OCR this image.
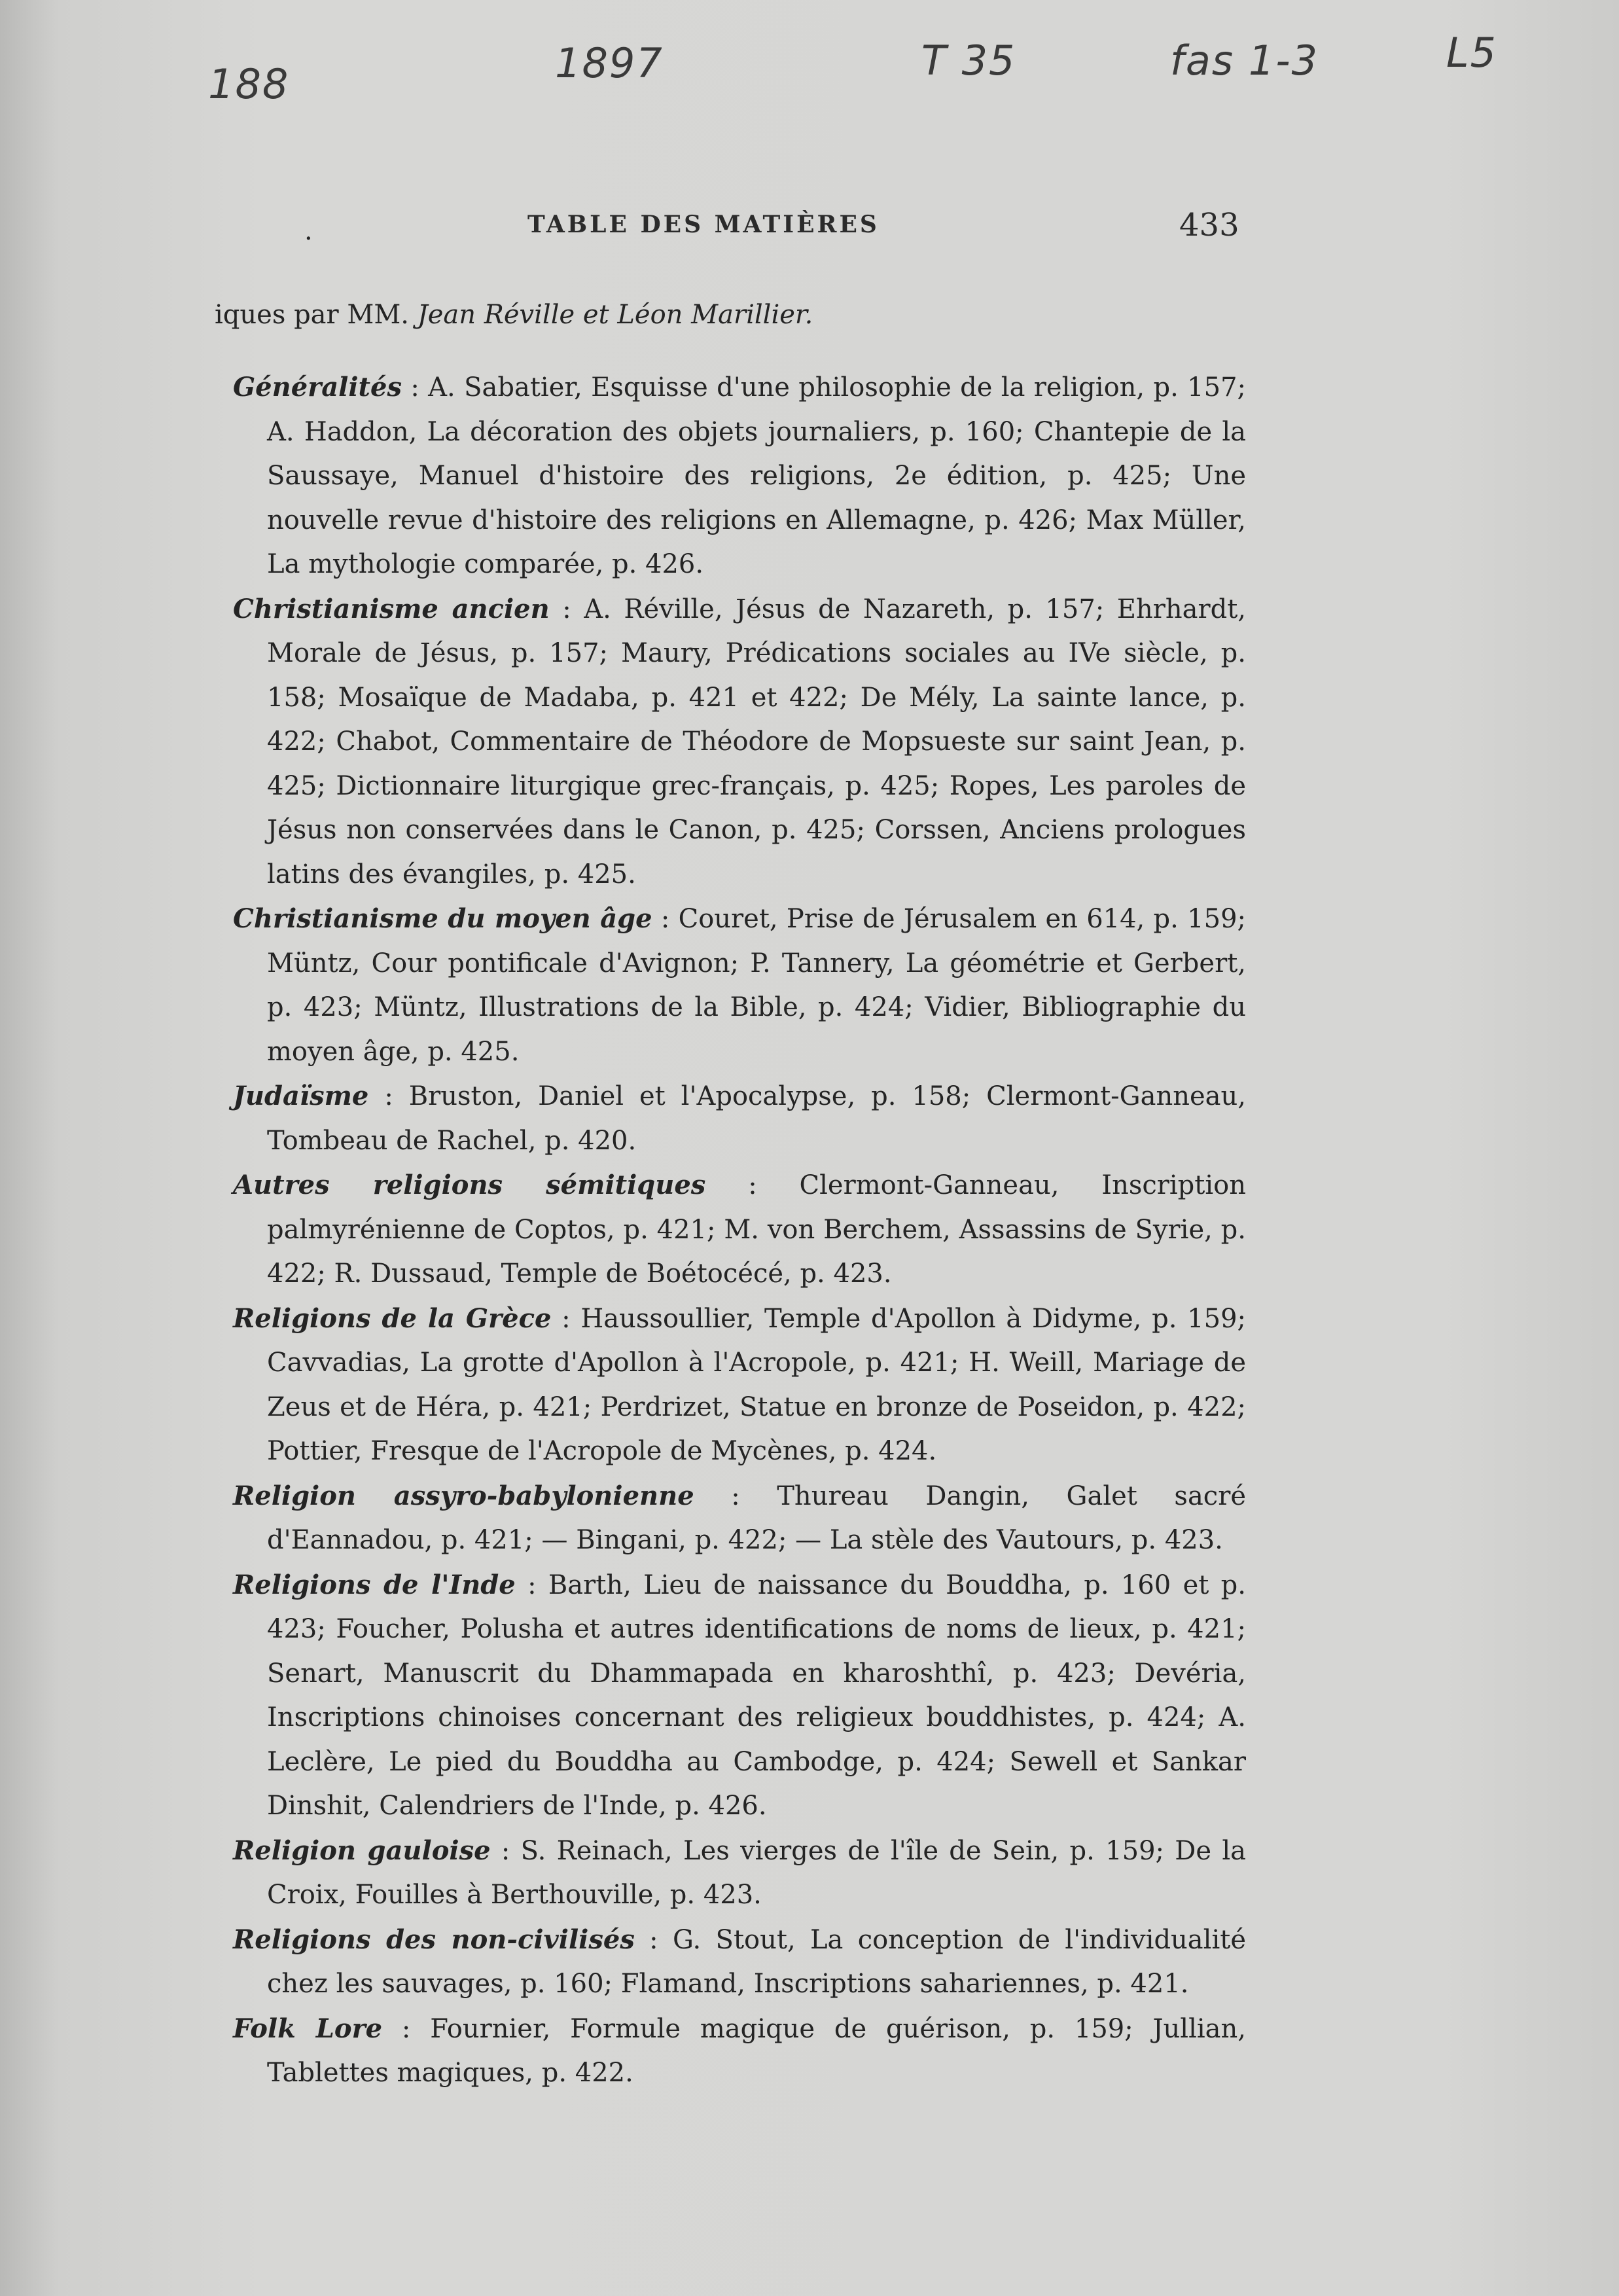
188	1897	T 35	fas 1-3	L5
.	TABLE DES MATIÈRES	433
iques par MM. Jean Réville et Léon Marillier.

Généralités : A. Sabatier, Esquisse d'une philosophie de la religion, p. 157; A. Haddon, La décoration des objets journaliers, p. 160; Chantepie de la Saussaye, Manuel d'histoire des religions, 2e édition, p. 425; Une nouvelle revue d'histoire des religions en Allemagne, p. 426; Max Müller, La mythologie comparée, p. 426.

Christianisme ancien : A. Réville, Jésus de Nazareth, p. 157; Ehrhardt, Morale de Jésus, p. 157; Maury, Prédications sociales au IVe siècle, p. 158; Mosaïque de Madaba, p. 421 et 422; De Mély, La sainte lance, p. 422; Chabot, Commentaire de Théodore de Mopsueste sur saint Jean, p. 425; Dictionnaire liturgique grec-français, p. 425; Ropes, Les paroles de Jésus non conservées dans le Canon, p. 425; Corssen, Anciens prologues latins des évangiles, p. 425.

Christianisme du moyen âge : Couret, Prise de Jérusalem en 614, p. 159; Müntz, Cour pontificale d'Avignon; P. Tannery, La géométrie et Gerbert, p. 423; Müntz, Illustrations de la Bible, p. 424; Vidier, Bibliographie du moyen âge, p. 425.

Judaïsme : Bruston, Daniel et l'Apocalypse, p. 158; Clermont-Ganneau, Tombeau de Rachel, p. 420.

Autres religions sémitiques : Clermont-Ganneau, Inscription palmyrénienne de Coptos, p. 421; M. von Berchem, Assassins de Syrie, p. 422; R. Dussaud, Temple de Boétocécé, p. 423.

Religions de la Grèce : Haussoullier, Temple d'Apollon à Didyme, p. 159; Cavvadias, La grotte d'Apollon à l'Acropole, p. 421; H. Weill, Mariage de Zeus et de Héra, p. 421; Perdrizet, Statue en bronze de Poseidon, p. 422; Pottier, Fresque de l'Acropole de Mycènes, p. 424.

Religion assyro-babylonienne : Thureau Dangin, Galet sacré d'Eannadou, p. 421; — Bingani, p. 422; — La stèle des Vautours, p. 423.

Religions de l'Inde : Barth, Lieu de naissance du Bouddha, p. 160 et p. 423; Foucher, Polusha et autres identifications de noms de lieux, p. 421; Senart, Manuscrit du Dhammapada en kharoshthî, p. 423; Devéria, Inscriptions chinoises concernant des religieux bouddhistes, p. 424; A. Leclère, Le pied du Bouddha au Cambodge, p. 424; Sewell et Sankar Dinshit, Calendriers de l'Inde, p. 426.

Religion gauloise : S. Reinach, Les vierges de l'île de Sein, p. 159; De la Croix, Fouilles à Berthouville, p. 423.

Religions des non-civilisés : G. Stout, La conception de l'individualité chez les sauvages, p. 160; Flamand, Inscriptions sahariennes, p. 421.

Folk Lore : Fournier, Formule magique de guérison, p. 159; Jullian, Tablettes magiques, p. 422.
